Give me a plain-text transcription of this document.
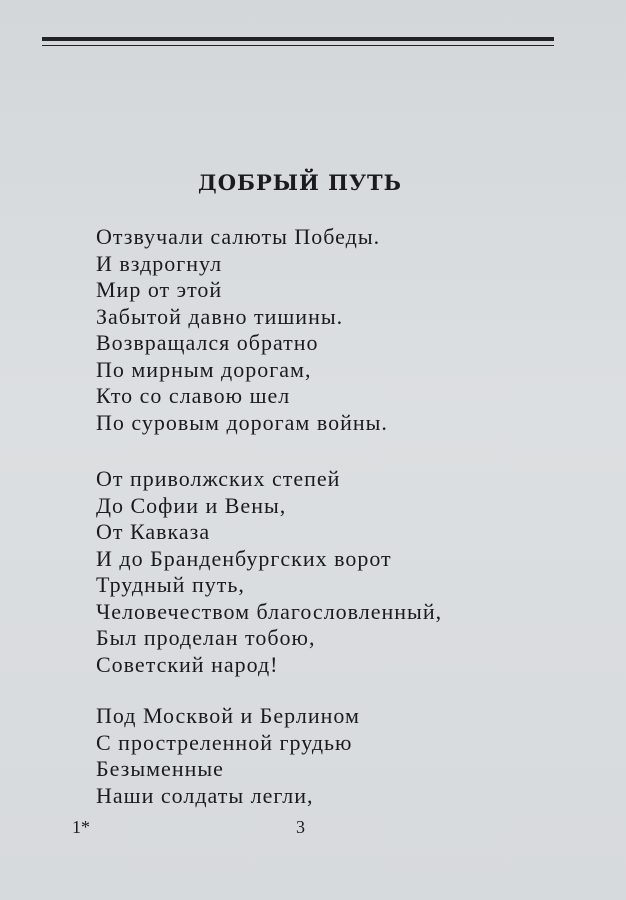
ДОБРЫЙ ПУТЬ
Отзвучали салюты Победы.
И вздрогнул
Мир от этой
Забытой давно тишины.
Возвращался обратно
По мирным дорогам,
Кто со славою шел
По суровым дорогам войны.
От приволжских степей
До Софии и Вены,
От Кавказа
И до Бранденбургских ворот
Трудный путь,
Человечеством благословленный,
Был проделан тобою,
Советский народ!
Под Москвой и Берлином
С простреленной грудью
Безыменные
Наши солдаты легли,
1*	3
